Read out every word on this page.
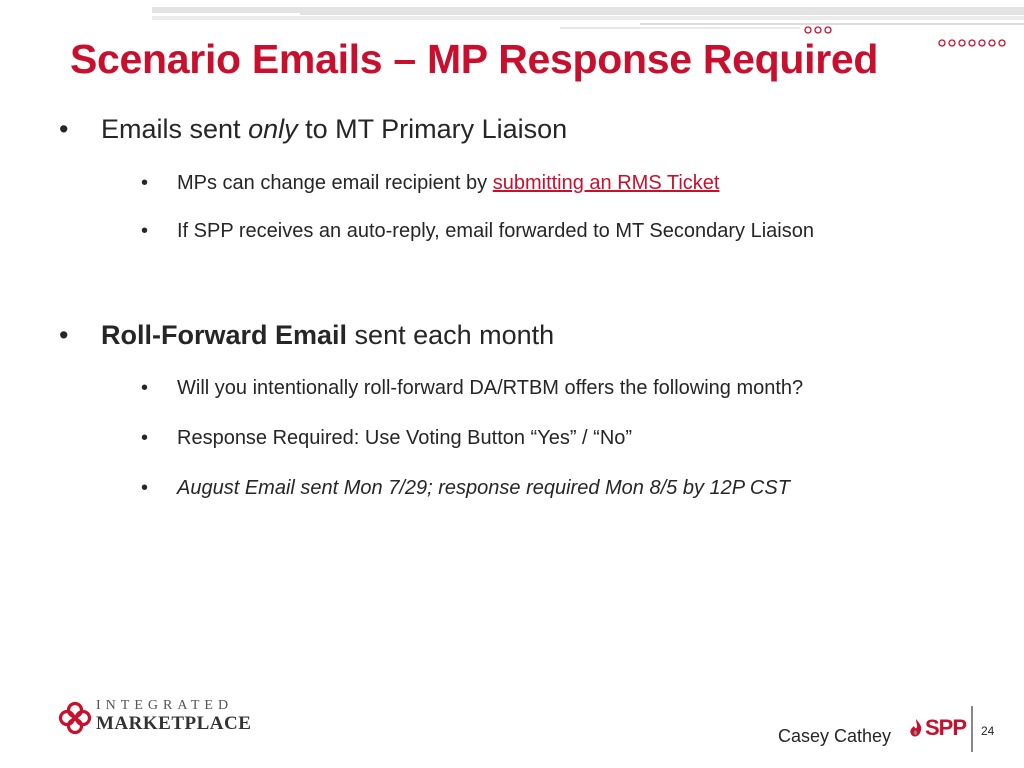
Scenario Emails – MP Response Required
• Emails sent only to MT Primary Liaison
• MPs can change email recipient by submitting an RMS Ticket
• If SPP receives an auto-reply, email forwarded to MT Secondary Liaison
• Roll-Forward Email sent each month
• Will you intentionally roll-forward DA/RTBM offers the following month?
• Response Required: Use Voting Button “Yes” / “No”
• August Email sent Mon 7/29; response required Mon 8/5 by 12P CST
INTEGRATED
MARKETPLACE
Casey Cathey SPP 24
